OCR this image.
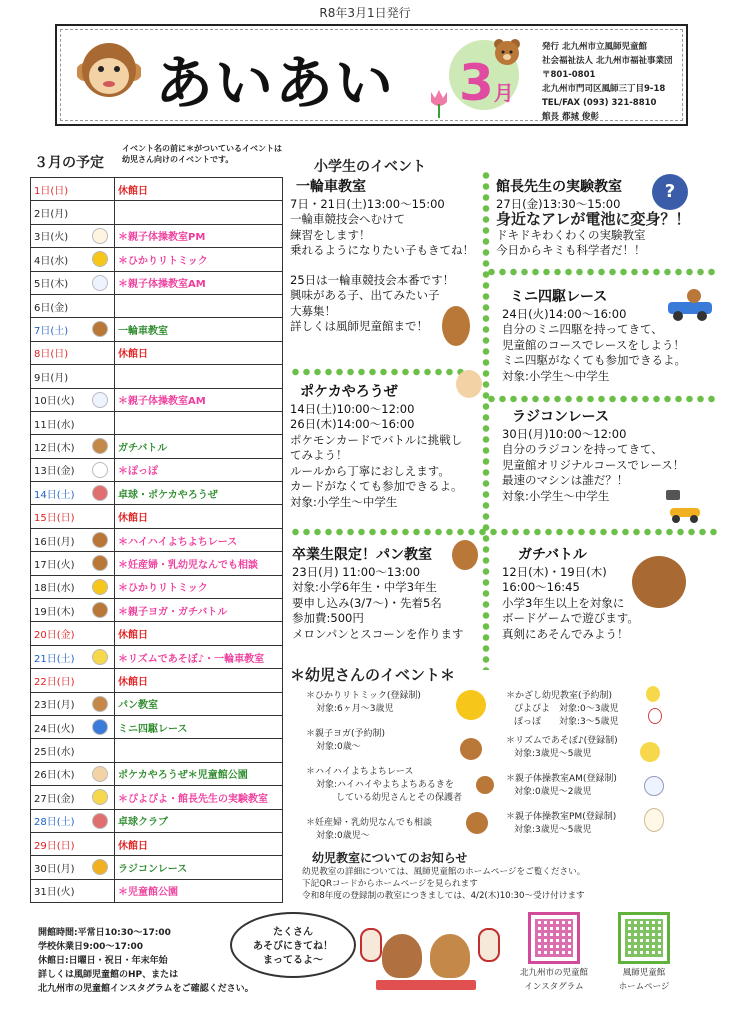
R8年3月1日発行
あいあい 3月
発行 北九州市立風師児童館
社会福祉法人 北九州市福祉事業団
〒801-0801
北九州市門司区風師三丁目9-18
TEL/FAX (093) 321-8810
館長 都城 俊彰
３月の予定
イベント名の前に＊がついているイベントは
幼児さん向けのイベントです。
1日(日)	休館日
2日(月)	
3日(火)	＊親子体操教室PM
4日(水)	＊ひかりリトミック
5日(木)	＊親子体操教室AM
6日(金)	
7日(土)	一輪車教室
8日(日)	休館日
9日(月)	
10日(火)	＊親子体操教室AM
11日(水)	
12日(木)	ガチバトル
13日(金)	＊ぽっぽ
14日(土)	卓球・ポケカやろうぜ
15日(日)	休館日
16日(月)	＊ハイハイよちよちレース
17日(火)	＊妊産婦・乳幼児なんでも相談
18日(水)	＊ひかりリトミック
19日(木)	＊親子ヨガ・ガチバトル
20日(金)	休館日
21日(土)	＊リズムであそぼ♪・一輪車教室
22日(日)	休館日
23日(月)	パン教室
24日(火)	ミニ四駆レース
25日(水)	
26日(木)	ポケカやろうぜ＊児童館公園
27日(金)	＊ぴよぴよ・館長先生の実験教室
28日(土)	卓球クラブ
29日(日)	休館日
30日(月)	ラジコンレース
31日(火)	＊児童館公園
小学生のイベント
一輪車教室
7日・21日(土)13:00～15:00
一輪車競技会へむけて
練習をします！
乗れるようになりたい子もきてね！
25日は一輪車競技会本番です！
興味がある子、出てみたい子
大募集！
詳しくは風師児童館まで！
館長先生の実験教室
27日(金)13:30～15:00
身近なアレが電池に変身？！
ドキドキわくわくの実験教室
今日からキミも科学者だ！！
?
ミニ四駆レース
24日(火)14:00～16:00
自分のミニ四駆を持ってきて、
児童館のコースでレースをしよう！
ミニ四駆がなくても参加できるよ。
対象:小学生～中学生
ポケカやろうぜ
14日(土)10:00～12:00
26日(木)14:00～16:00
ポケモンカードでバトルに挑戦し
てみよう！
ルールから丁寧におしえます。
カードがなくても参加できるよ。
対象:小学生～中学生
ラジコンレース
30日(月)10:00～12:00
自分のラジコンを持ってきて、
児童館オリジナルコースでレース！
最速のマシンは誰だ？！
対象:小学生～中学生
卒業生限定！パン教室
23日(月) 11:00～13:00
対象:小学6年生・中学3年生
要申し込み(3/7～)・先着5名
参加費:500円
メロンパンとスコーンを作ります
ガチバトル
12日(木)・19日(木)
16:00～16:45
小学3年生以上を対象に
ボードゲームで遊びます。
真剣にあそんでみよう！
＊幼児さんのイベント＊
＊ひかりリトミック(登録制)
対象:6ヶ月～3歳児
＊親子ヨガ(予約制)
対象:0歳～
＊ハイハイよちよちレース
対象:ハイハイやよちよちあるきを
している幼児さんとその保護者
＊妊産婦・乳幼児なんでも相談
対象:0歳児～
＊かざし幼児教室(予約制)
ぴよぴよ　対象:0～3歳児
ぽっぽ　　対象:3～5歳児
＊リズムであそぼ♪(登録制)
対象:3歳児～5歳児
＊親子体操教室AM(登録制)
対象:0歳児～2歳児
＊親子体操教室PM(登録制)
対象:3歳児～5歳児
幼児教室についてのお知らせ
幼児教室の詳細については、風師児童館のホームページをご覧ください。
下記QRコードからホームページを見られます
令和8年度の登録制の教室につきましては、4/2(木)10:30～受け付けます
開館時間:平常日10:30～17:00
学校休業日9:00～17:00
休館日:日曜日・祝日・年末年始
詳しくは風師児童館のHP、または
北九州市の児童館インスタグラムをご確認ください。
たくさん
あそびにきてね！
まってるよ～
北九州市の児童館
インスタグラム
風師児童館
ホームページ
